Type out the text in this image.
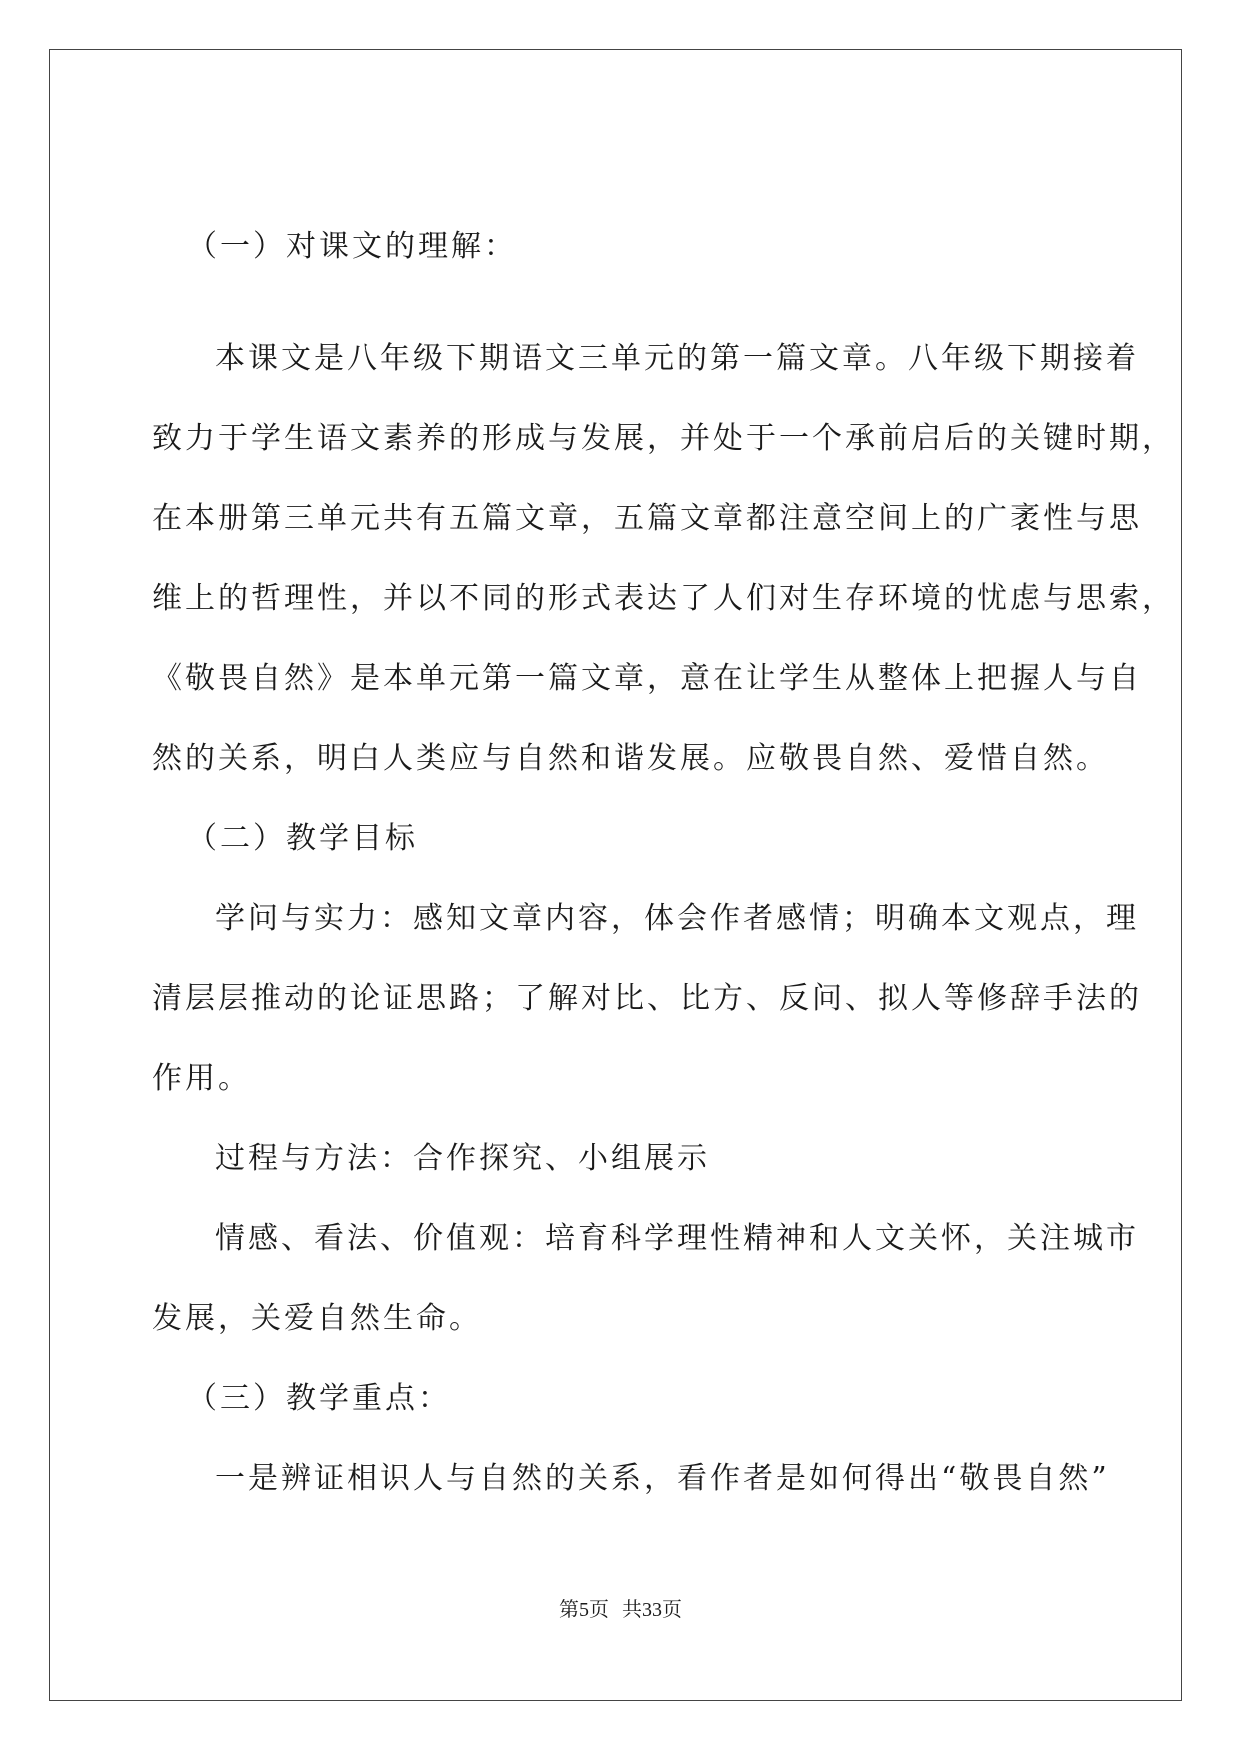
（一）对课文的理解：
本课文是八年级下期语文三单元的第一篇文章。八年级下期接着
致力于学生语文素养的形成与发展，并处于一个承前启后的关键时期，
在本册第三单元共有五篇文章，五篇文章都注意空间上的广袤性与思
维上的哲理性，并以不同的形式表达了人们对生存环境的忧虑与思索，
《敬畏自然》是本单元第一篇文章，意在让学生从整体上把握人与自
然的关系，明白人类应与自然和谐发展。应敬畏自然、爱惜自然。
（二）教学目标
学问与实力：感知文章内容，体会作者感情；明确本文观点，理
清层层推动的论证思路；了解对比、比方、反问、拟人等修辞手法的
作用。
过程与方法：合作探究、小组展示
情感、看法、价值观：培育科学理性精神和人文关怀，关注城市
发展，关爱自然生命。
（三）教学重点：
一是辨证相识人与自然的关系，看作者是如何得出“敬畏自然”
第5页 共33页
